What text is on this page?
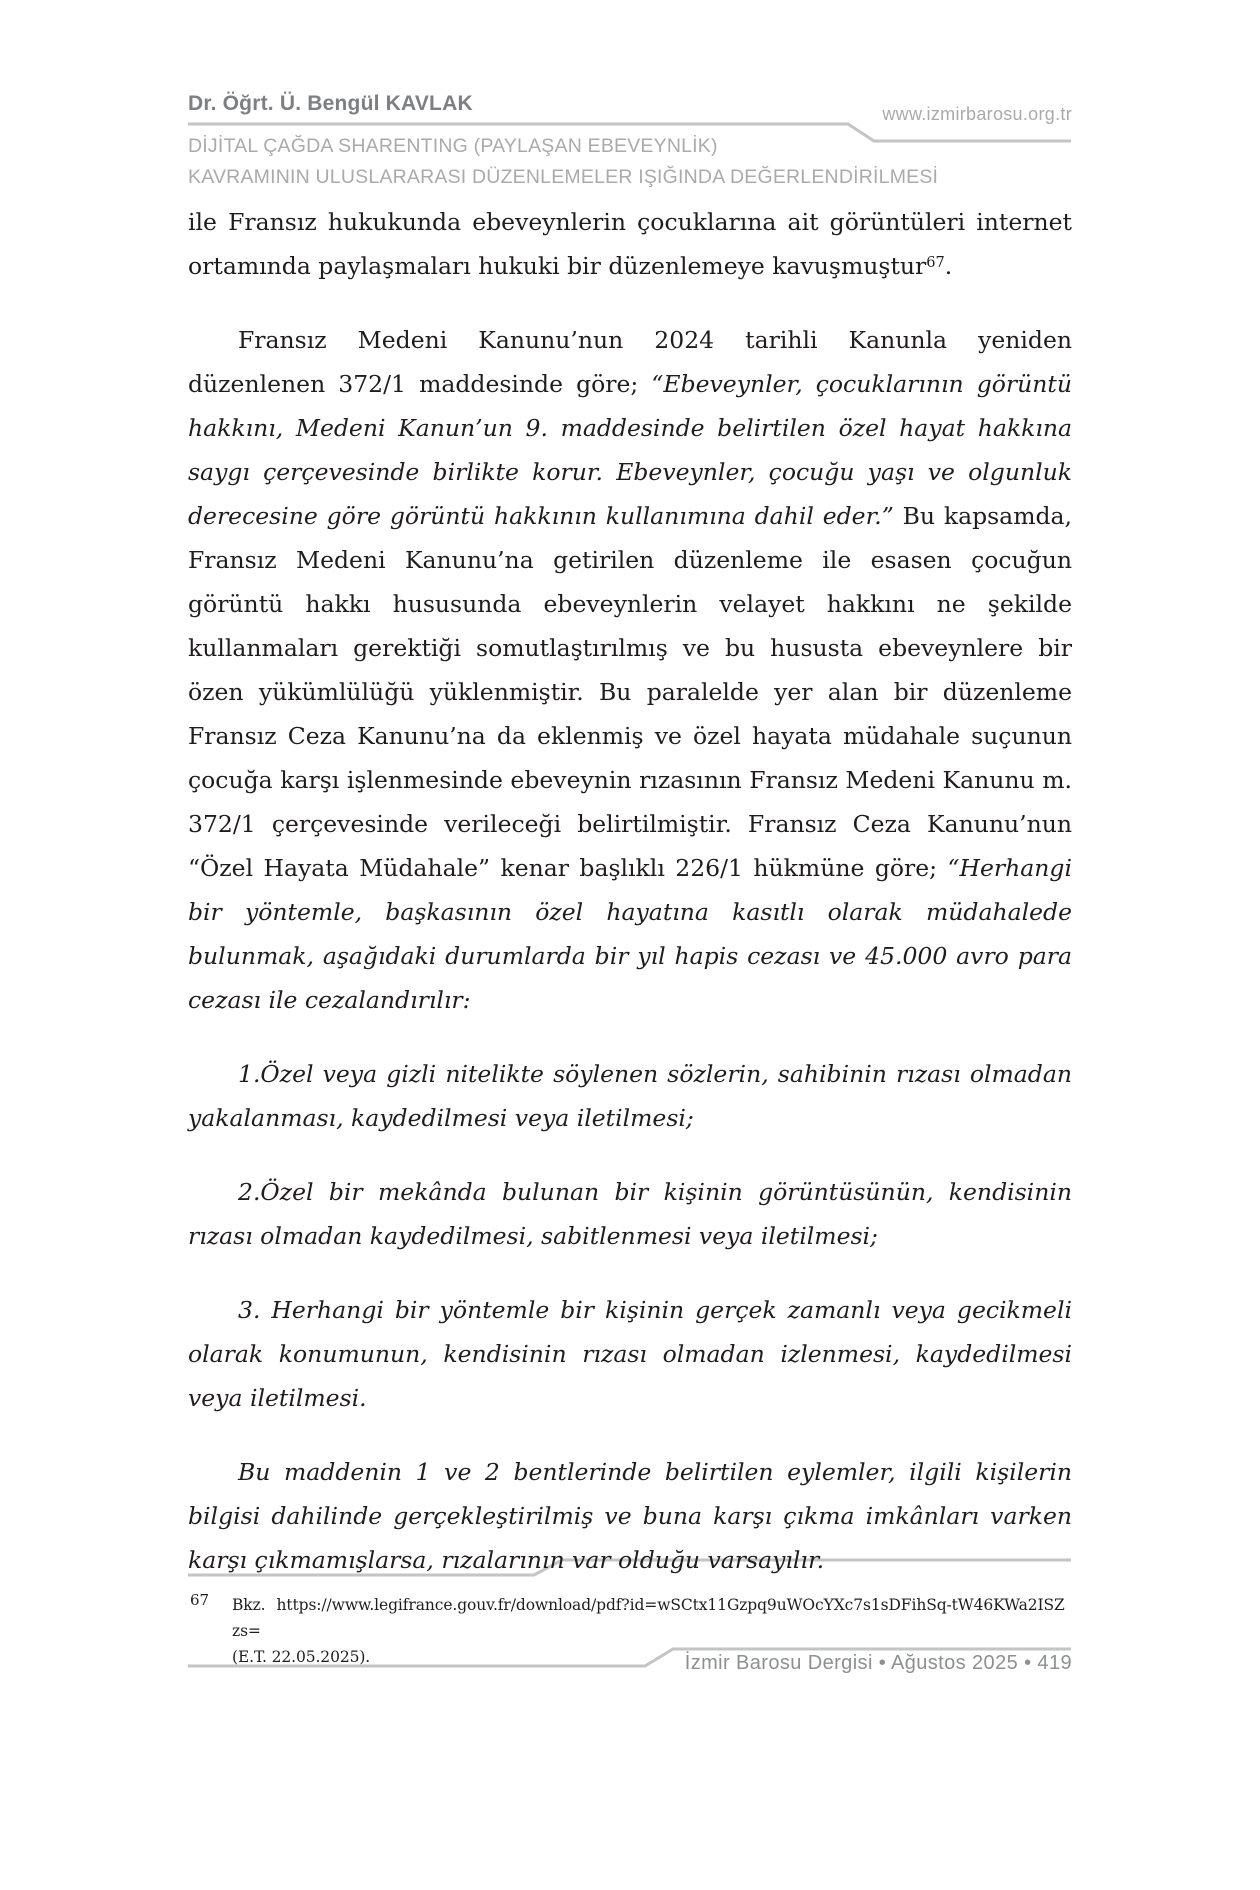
Dr. Öğrt. Ü. Bengül KAVLAK	www.izmirbarosu.org.tr
DİJİTAL ÇAĞDA SHARENTING (PAYLAŞAN EBEVEYNLİK)
KAVRAMININ ULUSLARARASI DÜZENLEMELER IŞIĞINDA DEĞERLENDİRİLMESİ

ile Fransız hukukunda ebeveynlerin çocuklarına ait görüntüleri internet ortamında paylaşmaları hukuki bir düzenlemeye kavuşmuştur$^{67}$.

Fransız Medeni Kanunu’nun 2024 tarihli Kanunla yeniden düzenlenen 372/1 maddesinde göre; “Ebeveynler, çocuklarının görüntü hakkını, Medeni Kanun’un 9. maddesinde belirtilen özel hayat hakkına saygı çerçevesinde birlikte korur. Ebeveynler, çocuğu yaşı ve olgunluk derecesine göre görüntü hakkının kullanımına dahil eder.” Bu kapsamda, Fransız Medeni Kanunu’na getirilen düzenleme ile esasen çocuğun görüntü hakkı hususunda ebeveynlerin velayet hakkını ne şekilde kullanmaları gerektiği somutlaştırılmış ve bu hususta ebeveynlere bir özen yükümlülüğü yüklenmiştir. Bu paralelde yer alan bir düzenleme Fransız Ceza Kanunu’na da eklenmiş ve özel hayata müdahale suçunun çocuğa karşı işlenmesinde ebeveynin rızasının Fransız Medeni Kanunu m. 372/1 çerçevesinde verileceği belirtilmiştir. Fransız Ceza Kanunu’nun “Özel Hayata Müdahale” kenar başlıklı 226/1 hükmüne göre; “Herhangi bir yöntemle, başkasının özel hayatına kasıtlı olarak müdahalede bulunmak, aşağıdaki durumlarda bir yıl hapis cezası ve 45.000 avro para cezası ile cezalandırılır:

1.Özel veya gizli nitelikte söylenen sözlerin, sahibinin rızası olmadan yakalanması, kaydedilmesi veya iletilmesi;

2.Özel bir mekânda bulunan bir kişinin görüntüsünün, kendisinin rızası olmadan kaydedilmesi, sabitlenmesi veya iletilmesi;

3. Herhangi bir yöntemle bir kişinin gerçek zamanlı veya gecikmeli olarak konumunun, kendisinin rızası olmadan izlenmesi, kaydedilmesi veya iletilmesi.

Bu maddenin 1 ve 2 bentlerinde belirtilen eylemler, ilgili kişilerin bilgisi dahilinde gerçekleştirilmiş ve buna karşı çıkma imkânları varken karşı çıkmamışlarsa, rızalarının var olduğu varsayılır.

67 Bkz. https://www.legifrance.gouv.fr/download/pdf?id=wSCtx11Gzpq9uWOcYXc7s1sDFihSq-tW46KWa2ISZzs=
(E.T. 22.05.2025).	İzmir Barosu Dergisi • Ağustos 2025 • 419
